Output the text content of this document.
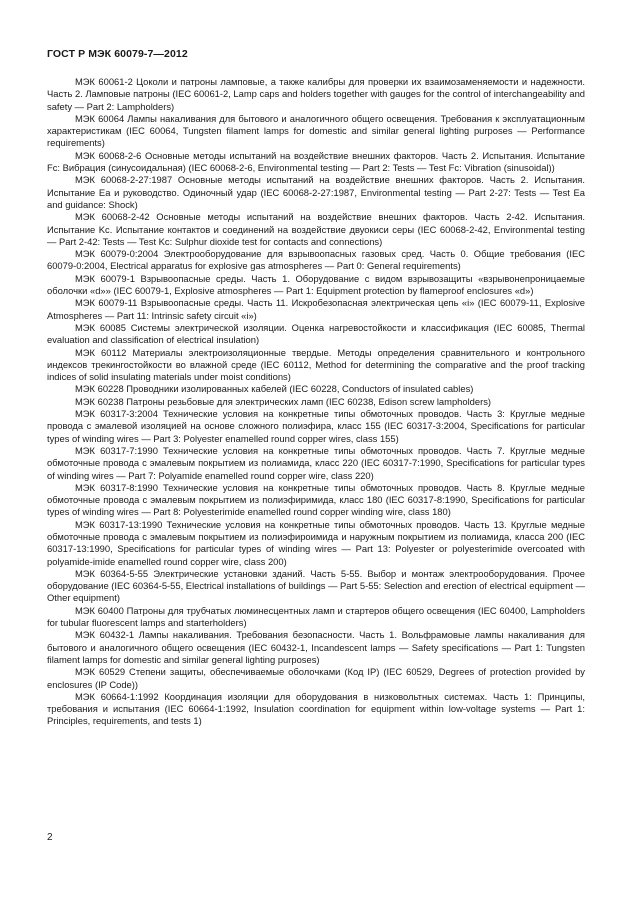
ГОСТ Р МЭК 60079-7—2012

МЭК 60061-2 Цоколи и патроны ламповые, а также калибры для проверки их взаимозаменяемости и надежности. Часть 2. Ламповые патроны (IEC 60061-2, Lamp caps and holders together with gauges for the control of interchangeability and safety — Part 2: Lampholders)

МЭК 60064 Лампы накаливания для бытового и аналогичного общего освещения. Требования к эксплуатационным характеристикам (IEC 60064, Tungsten filament lamps for domestic and similar general lighting purposes — Performance requirements)

МЭК 60068-2-6 Основные методы испытаний на воздействие внешних факторов. Часть 2. Испытания. Испытание Fc: Вибрация (синусоидальная) (IEC 60068-2-6, Environmental testing — Part 2: Tests — Test Fc: Vibration (sinusoidal))

МЭК 60068-2-27:1987 Основные методы испытаний на воздействие внешних факторов. Часть 2. Испытания. Испытание Ea и руководство. Одиночный удар (IEC 60068-2-27:1987, Environmental testing — Part 2-27: Tests — Test Ea and guidance: Shock)

МЭК 60068-2-42 Основные методы испытаний на воздействие внешних факторов. Часть 2-42. Испытания. Испытание Kc. Испытание контактов и соединений на воздействие двуокиси серы (IEC 60068-2-42, Environmental testing — Part 2-42: Tests — Test Kc: Sulphur dioxide test for contacts and connections)

МЭК 60079-0:2004 Электрооборудование для взрывоопасных газовых сред. Часть 0. Общие требования (IEC 60079-0:2004, Electrical apparatus for explosive gas atmospheres — Part 0: General requirements)

МЭК 60079-1 Взрывоопасные среды. Часть 1. Оборудование с видом взрывозащиты «взрывонепроницаемые оболочки «d»» (IEC 60079-1, Explosive atmospheres — Part 1: Equipment protection by flameproof enclosures «d»)

МЭК 60079-11 Взрывоопасные среды. Часть 11. Искробезопасная электрическая цепь «i» (IEC 60079-11, Explosive Atmospheres — Part 11: Intrinsic safety circuit «i»)

МЭК 60085 Системы электрической изоляции. Оценка нагревостойкости и классификация (IEC 60085, Thermal evaluation and classification of electrical insulation)

МЭК 60112 Материалы электроизоляционные твердые. Методы определения сравнительного и контрольного индексов трекингостойкости во влажной среде (IEC 60112, Method for determining the comparative and the proof tracking indices of solid insulating materials under moist conditions)

МЭК 60228 Проводники изолированных кабелей (IEC 60228, Conductors of insulated cables)

МЭК 60238 Патроны резьбовые для электрических ламп (IEC 60238, Edison screw lampholders)

МЭК 60317-3:2004 Технические условия на конкретные типы обмоточных проводов. Часть 3: Круглые медные провода с эмалевой изоляцией на основе сложного полиэфира, класс 155 (IEC 60317-3:2004, Specifications for particular types of winding wires — Part 3: Polyester enamelled round copper wires, class 155)

МЭК 60317-7:1990 Технические условия на конкретные типы обмоточных проводов. Часть 7. Круглые медные обмоточные провода с эмалевым покрытием из полиамида, класс 220 (IEC 60317-7:1990, Specifications for particular types of winding wires — Part 7: Polyamide enamelled round copper wire, class 220)

МЭК 60317-8:1990 Технические условия на конкретные типы обмоточных проводов. Часть 8. Круглые медные обмоточные провода с эмалевым покрытием из полиэфиримида, класс 180 (IEC 60317-8:1990, Specifications for particular types of winding wires — Part 8: Polyesterimide enamelled round copper winding wire, class 180)

МЭК 60317-13:1990 Технические условия на конкретные типы обмоточных проводов. Часть 13. Круглые медные обмоточные провода с эмалевым покрытием из полиэфироимида и наружным покрытием из полиамида, класса 200 (IEC 60317-13:1990, Specifications for particular types of winding wires — Part 13: Polyester or polyesterimide overcoated with polyamide-imide enamelled round copper wire, class 200)

МЭК 60364-5-55 Электрические установки зданий. Часть 5-55. Выбор и монтаж электрооборудования. Прочее оборудование (IEC 60364-5-55, Electrical installations of buildings — Part 5-55: Selection and erection of electrical equipment — Other equipment)

МЭК 60400 Патроны для трубчатых люминесцентных ламп и стартеров общего освещения (IEC 60400, Lampholders for tubular fluorescent lamps and starterholders)

МЭК 60432-1 Лампы накаливания. Требования безопасности. Часть 1. Вольфрамовые лампы накаливания для бытового и аналогичного общего освещения (IEC 60432-1, Incandescent lamps — Safety specifications — Part 1: Tungsten filament lamps for domestic and similar general lighting purposes)

МЭК 60529 Степени защиты, обеспечиваемые оболочками (Код IP) (IEC 60529, Degrees of protection provided by enclosures (IP Code))

МЭК 60664-1:1992 Координация изоляции для оборудования в низковольтных системах. Часть 1: Принципы, требования и испытания (IEC 60664-1:1992, Insulation coordination for equipment within low-voltage systems — Part 1: Principles, requirements, and tests 1)

2
